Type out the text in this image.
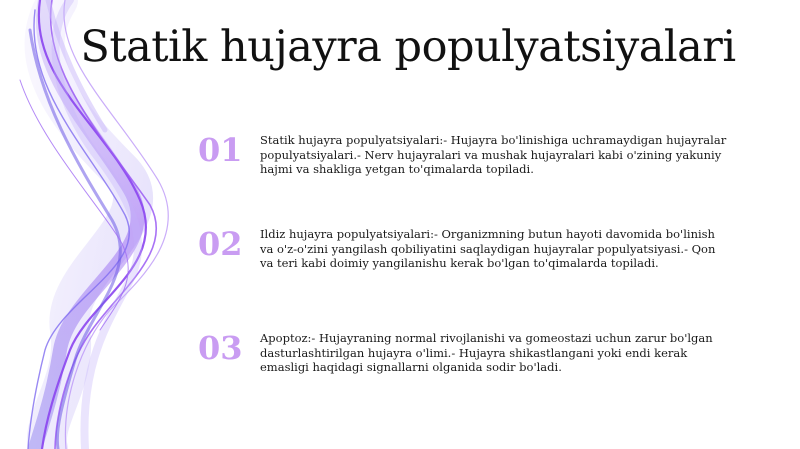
Statik hujayra populyatsiyalari
01	Statik hujayra populyatsiyalari:- Hujayra bo'linishiga uchramaydigan hujayralar populyatsiyalari.- Nerv hujayralari va mushak hujayralari kabi o'zining yakuniy hajmi va shakliga yetgan to'qimalarda topiladi.
02	Ildiz hujayra populyatsiyalari:- Organizmning butun hayoti davomida bo'linish va o'z-o'zini yangilash qobiliyatini saqlaydigan hujayralar populyatsiyasi.- Qon va teri kabi doimiy yangilanishu kerak bo'lgan to'qimalarda topiladi.
03	Apoptoz:- Hujayraning normal rivojlanishi va gomeostazi uchun zarur bo'lgan dasturlashtirilgan hujayra o'limi.- Hujayra shikastlangani yoki endi kerak emasligi haqidagi signallarni olganida sodir bo'ladi.
